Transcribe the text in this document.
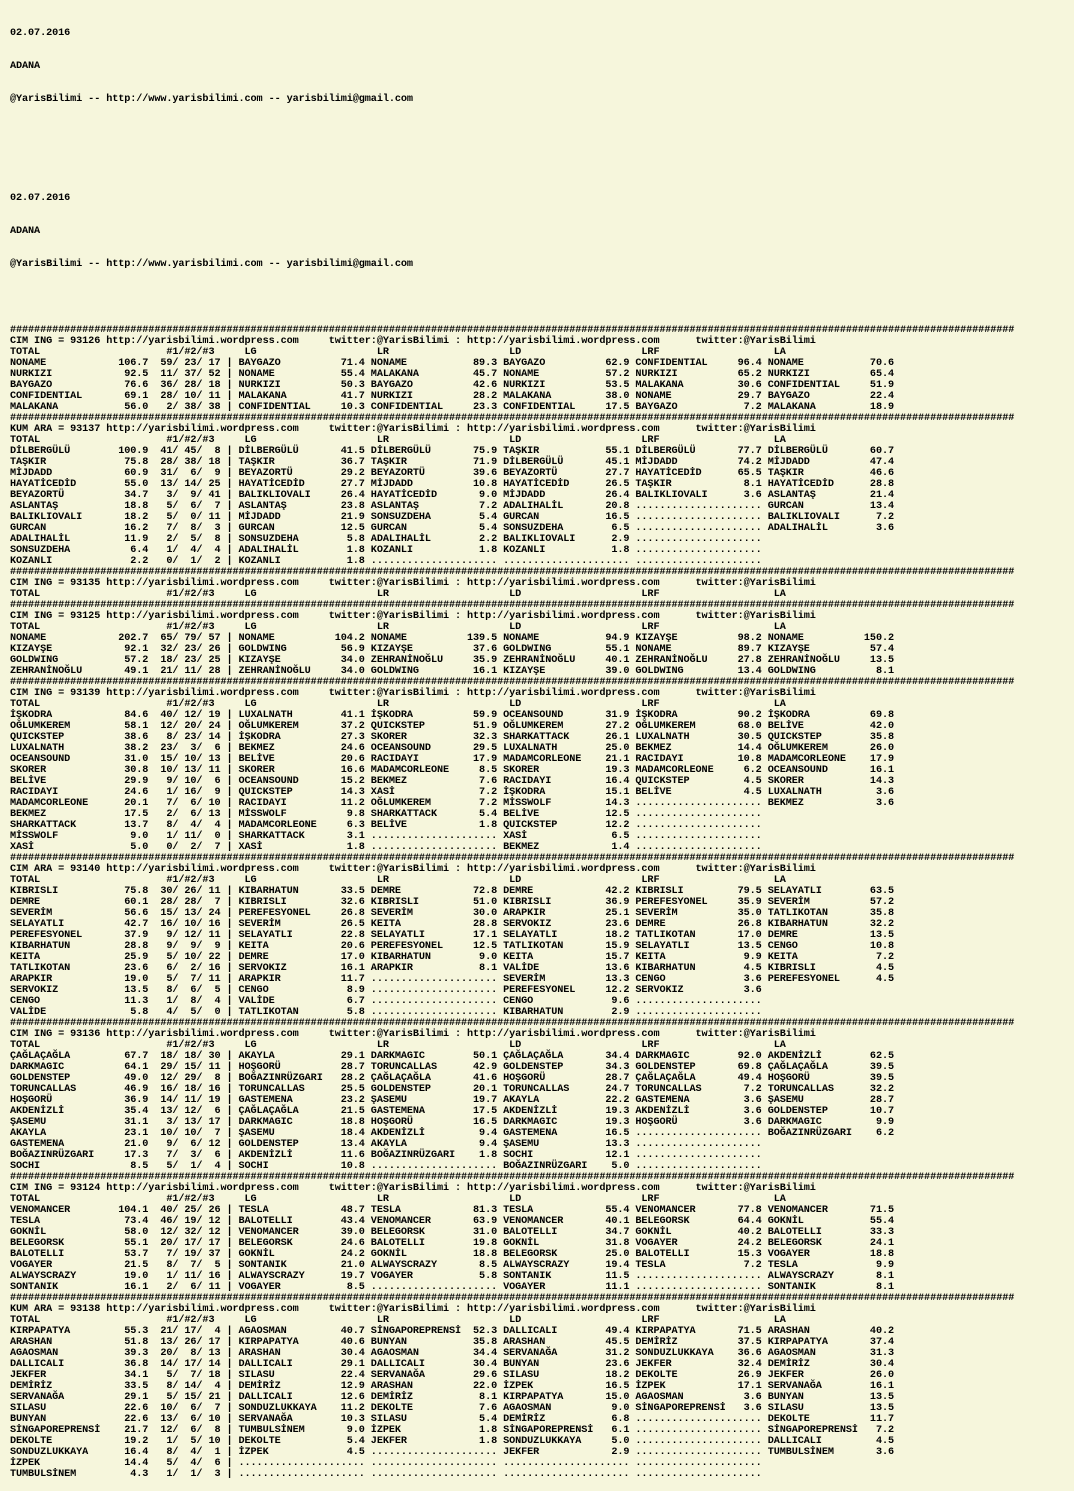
02.07.2016

ADANA

@YarisBilimi -- http://www.yarisbilimi.com -- yarisbilimi@gmail.com

02.07.2016

ADANA

@YarisBilimi -- http://www.yarisbilimi.com -- yarisbilimi@gmail.com

#######################################################################################################################################################################
CIM ING = 93126 http://yarisbilimi.wordpress.com     twitter:@YarisBilimi : http://yarisbilimi.wordpress.com      twitter:@YarisBilimi
TOTAL                     #1/#2/#3     LG                    LR                    LD                    LRF                   LA
NONAME            106.7  59/ 23/ 17 | BAYGAZO          71.4 NONAME           89.3 BAYGAZO          62.9 CONFIDENTIAL     96.4 NONAME           70.6
NURKIZI            92.5  11/ 37/ 52 | NONAME           55.4 MALAKANA         45.7 NONAME           57.2 NURKIZI          65.2 NURKIZI          65.4
BAYGAZO            76.6  36/ 28/ 18 | NURKIZI          50.3 BAYGAZO          42.6 NURKIZI          53.5 MALAKANA         30.6 CONFIDENTIAL     51.9
CONFIDENTIAL       69.1  28/ 10/ 11 | MALAKANA         41.7 NURKIZI          28.2 MALAKANA         38.0 NONAME           29.7 BAYGAZO          22.4
MALAKANA           56.0   2/ 38/ 38 | CONFIDENTIAL     10.3 CONFIDENTIAL     23.3 CONFIDENTIAL     17.5 BAYGAZO           7.2 MALAKANA         18.9
#######################################################################################################################################################################
KUM ARA = 93137 http://yarisbilimi.wordpress.com     twitter:@YarisBilimi : http://yarisbilimi.wordpress.com      twitter:@YarisBilimi
TOTAL                     #1/#2/#3     LG                    LR                    LD                    LRF                   LA
DİLBERGÜLÜ        100.9  41/ 45/  8 | DİLBERGÜLÜ       41.5 DİLBERGÜLÜ       75.9 TAŞKIR           55.1 DİLBERGÜLÜ       77.7 DİLBERGÜLÜ       60.7
TAŞKIR             75.8  28/ 38/ 18 | TAŞKIR           36.7 TAŞKIR           71.9 DİLBERGÜLÜ       45.1 MİJDADD          74.2 MİJDADD          47.4
MİJDADD            60.9  31/  6/  9 | BEYAZORTÜ        29.2 BEYAZORTÜ        39.6 BEYAZORTÜ        27.7 HAYATİCEDİD      65.5 TAŞKIR           46.6
HAYATİCEDİD        55.0  13/ 14/ 25 | HAYATİCEDİD      27.7 MİJDADD          10.8 HAYATİCEDİD      26.5 TAŞKIR            8.1 HAYATİCEDİD      28.8
BEYAZORTÜ          34.7   3/  9/ 41 | BALIKLIOVALI     26.4 HAYATİCEDİD       9.0 MİJDADD          26.4 BALIKLIOVALI      3.6 ASLANTAŞ         21.4
ASLANTAŞ           18.8   5/  6/  7 | ASLANTAŞ         23.8 ASLANTAŞ          7.2 ADALIHALİL       20.8 ..................... GURCAN           13.4
BALIKLIOVALI       18.2   5/  0/ 11 | MİJDADD          21.9 SONSUZDEHA        5.4 GURCAN           16.5 ..................... BALIKLIOVALI      7.2
GURCAN             16.2   7/  8/  3 | GURCAN           12.5 GURCAN            5.4 SONSUZDEHA        6.5 ..................... ADALIHALİL        3.6
ADALIHALİL         11.9   2/  5/  8 | SONSUZDEHA        5.8 ADALIHALİL        2.2 BALIKLIOVALI      2.9 .....................
SONSUZDEHA          6.4   1/  4/  4 | ADALIHALİL        1.8 KOZANLI           1.8 KOZANLI           1.8 .....................
KOZANLI             2.2   0/  1/  2 | KOZANLI           1.8 ..................... ..................... .....................
#######################################################################################################################################################################
CIM ING = 93135 http://yarisbilimi.wordpress.com     twitter:@YarisBilimi : http://yarisbilimi.wordpress.com      twitter:@YarisBilimi
TOTAL                     #1/#2/#3     LG                    LR                    LD                    LRF                   LA
#######################################################################################################################################################################
CIM ING = 93125 http://yarisbilimi.wordpress.com     twitter:@YarisBilimi : http://yarisbilimi.wordpress.com      twitter:@YarisBilimi
TOTAL                     #1/#2/#3     LG                    LR                    LD                    LRF                   LA
NONAME            202.7  65/ 79/ 57 | NONAME          104.2 NONAME          139.5 NONAME           94.9 KIZAYŞE          98.2 NONAME          150.2
KIZAYŞE            92.1  32/ 23/ 26 | GOLDWING         56.9 KIZAYŞE          37.6 GOLDWING         55.1 NONAME           89.7 KIZAYŞE          57.4
GOLDWING           57.2  18/ 23/ 25 | KIZAYŞE          34.0 ZEHRANİNOĞLU     35.9 ZEHRANİNOĞLU     40.1 ZEHRANİNOĞLU     27.8 ZEHRANİNOĞLU     13.5
ZEHRANİNOĞLU       49.1  21/ 11/ 28 | ZEHRANİNOĞLU     34.0 GOLDWING         16.1 KIZAYŞE          39.0 GOLDWING         13.4 GOLDWING          8.1
#######################################################################################################################################################################
CIM ING = 93139 http://yarisbilimi.wordpress.com     twitter:@YarisBilimi : http://yarisbilimi.wordpress.com      twitter:@YarisBilimi
TOTAL                     #1/#2/#3     LG                    LR                    LD                    LRF                   LA
İŞKODRA            84.6  40/ 12/ 19 | LUXALNATH        41.1 İŞKODRA          59.9 OCEANSOUND       31.9 İŞKODRA          90.2 İŞKODRA          69.8
OĞLUMKEREM         58.1  12/ 20/ 24 | OĞLUMKEREM       37.2 QUICKSTEP        51.9 OĞLUMKEREM       27.2 OĞLUMKEREM       68.0 BELİVE           42.0
QUICKSTEP          38.6   8/ 23/ 14 | İŞKODRA          27.3 SKORER           32.3 SHARKATTACK      26.1 LUXALNATH        30.5 QUICKSTEP        35.8
LUXALNATH          38.2  23/  3/  6 | BEKMEZ           24.6 OCEANSOUND       29.5 LUXALNATH        25.0 BEKMEZ           14.4 OĞLUMKEREM       26.0
OCEANSOUND         31.0  15/ 10/ 13 | BELİVE           20.6 RACIDAYI         17.9 MADAMCORLEONE    21.1 RACIDAYI         10.8 MADAMCORLEONE    17.9
SKORER             30.8  10/ 13/ 11 | SKORER           16.6 MADAMCORLEONE     8.5 SKORER           19.3 MADAMCORLEONE     6.2 OCEANSOUND       16.1
BELİVE             29.9   9/ 10/  6 | OCEANSOUND       15.2 BEKMEZ            7.6 RACIDAYI         16.4 QUICKSTEP         4.5 SKORER           14.3
RACIDAYI           24.6   1/ 16/  9 | QUICKSTEP        14.3 XASİ              7.2 İŞKODRA          15.1 BELİVE            4.5 LUXALNATH         3.6
MADAMCORLEONE      20.1   7/  6/ 10 | RACIDAYI         11.2 OĞLUMKEREM        7.2 MİSSWOLF         14.3 ..................... BEKMEZ            3.6
BEKMEZ             17.5   2/  6/ 13 | MİSSWOLF          9.8 SHARKATTACK       5.4 BELİVE           12.5 .....................
SHARKATTACK        13.7   8/  4/  4 | MADAMCORLEONE     6.3 BELİVE            1.8 QUICKSTEP        12.2 .....................
MİSSWOLF            9.0   1/ 11/  0 | SHARKATTACK       3.1 ..................... XASİ              6.5 .....................
XASİ                5.0   0/  2/  7 | XASİ              1.8 ..................... BEKMEZ            1.4 .....................
#######################################################################################################################################################################
CIM ARA = 93140 http://yarisbilimi.wordpress.com     twitter:@YarisBilimi : http://yarisbilimi.wordpress.com      twitter:@YarisBilimi
TOTAL                     #1/#2/#3     LG                    LR                    LD                    LRF                   LA
KIBRISLI           75.8  30/ 26/ 11 | KIBARHATUN       33.5 DEMRE            72.8 DEMRE            42.2 KIBRISLI         79.5 SELAYATLI        63.5
DEMRE              60.1  28/ 28/  7 | KIBRISLI         32.6 KIBRISLI         51.0 KIBRISLI         36.9 PEREFESYONEL     35.9 SEVERİM          57.2
SEVERİM            56.6  15/ 13/ 24 | PEREFESYONEL     26.8 SEVERİM          30.0 ARAPKIR          25.1 SEVERİM          35.0 TATLIKOTAN       35.8
SELAYATLI          42.7  16/ 10/ 16 | SEVERİM          26.5 KEITA            28.8 SERVOKIZ         23.6 DEMRE            26.8 KIBARHATUN       32.2
PEREFESYONEL       37.9   9/ 12/ 11 | SELAYATLI        22.8 SELAYATLI        17.1 SELAYATLI        18.2 TATLIKOTAN       17.0 DEMRE            13.5
KIBARHATUN         28.8   9/  9/  9 | KEITA            20.6 PEREFESYONEL     12.5 TATLIKOTAN       15.9 SELAYATLI        13.5 CENGO            10.8
KEITA              25.9   5/ 10/ 22 | DEMRE            17.0 KIBARHATUN        9.0 KEITA            15.7 KEITA             9.9 KEITA             7.2
TATLIKOTAN         23.6   6/  2/ 16 | SERVOKIZ         16.1 ARAPKIR           8.1 VALİDE           13.6 KIBARHATUN        4.5 KIBRISLI          4.5
ARAPKIR            19.0   5/  7/ 11 | ARAPKIR          11.7 ..................... SEVERİM          13.3 CENGO             3.6 PEREFESYONEL      4.5
SERVOKIZ           13.5   8/  6/  5 | CENGO             8.9 ..................... PEREFESYONEL     12.2 SERVOKIZ          3.6
CENGO              11.3   1/  8/  4 | VALİDE            6.7 ..................... CENGO             9.6 .....................
VALİDE              5.8   4/  5/  0 | TATLIKOTAN        5.8 ..................... KIBARHATUN        2.9 .....................
#######################################################################################################################################################################
CIM ING = 93136 http://yarisbilimi.wordpress.com     twitter:@YarisBilimi : http://yarisbilimi.wordpress.com      twitter:@YarisBilimi
TOTAL                     #1/#2/#3     LG                    LR                    LD                    LRF                   LA
ÇAĞLAÇAĞLA         67.7  18/ 18/ 30 | AKAYLA           29.1 DARKMAGIC        50.1 ÇAĞLAÇAĞLA       34.4 DARKMAGIC        92.0 AKDENİZLİ        62.5
DARKMAGIC          64.1  29/ 15/ 11 | HOŞGORÜ          28.7 TORUNCALLAS      42.9 GOLDENSTEP       34.3 GOLDENSTEP       69.8 ÇAĞLAÇAĞLA       39.5
GOLDENSTEP         49.0  12/ 29/  8 | BOĞAZINRÜZGARI   28.2 ÇAĞLAÇAĞLA       41.6 HOŞGORÜ          28.7 ÇAĞLAÇAĞLA       49.4 HOŞGORÜ          39.5
TORUNCALLAS        46.9  16/ 18/ 16 | TORUNCALLAS      25.5 GOLDENSTEP       20.1 TORUNCALLAS      24.7 TORUNCALLAS       7.2 TORUNCALLAS      32.2
HOŞGORÜ            36.9  14/ 11/ 19 | GASTEMENA        23.2 ŞASEMU           19.7 AKAYLA           22.2 GASTEMENA         3.6 ŞASEMU           28.7
AKDENİZLİ          35.4  13/ 12/  6 | ÇAĞLAÇAĞLA       21.5 GASTEMENA        17.5 AKDENİZLİ        19.3 AKDENİZLİ         3.6 GOLDENSTEP       10.7
ŞASEMU             31.1   3/ 13/ 17 | DARKMAGIC        18.8 HOŞGORÜ          16.5 DARKMAGIC        19.3 HOŞGORÜ           3.6 DARKMAGIC         9.9
AKAYLA             23.1  10/ 10/  7 | ŞASEMU           18.4 AKDENİZLİ         9.4 GASTEMENA        16.5 ..................... BOĞAZINRÜZGARI    6.2
GASTEMENA          21.0   9/  6/ 12 | GOLDENSTEP       13.4 AKAYLA            9.4 ŞASEMU           13.3 .....................
BOĞAZINRÜZGARI     17.3   7/  3/  6 | AKDENİZLİ        11.6 BOĞAZINRÜZGARI    1.8 SOCHI            12.1 .....................
SOCHI               8.5   5/  1/  4 | SOCHI            10.8 ..................... BOĞAZINRÜZGARI    5.0 .....................
#######################################################################################################################################################################
CIM ING = 93124 http://yarisbilimi.wordpress.com     twitter:@YarisBilimi : http://yarisbilimi.wordpress.com      twitter:@YarisBilimi
TOTAL                     #1/#2/#3     LG                    LR                    LD                    LRF                   LA
VENOMANCER        104.1  40/ 25/ 26 | TESLA            48.7 TESLA            81.3 TESLA            55.4 VENOMANCER       77.8 VENOMANCER       71.5
TESLA              73.4  46/ 19/ 12 | BALOTELLI        43.4 VENOMANCER       63.9 VENOMANCER       40.1 BELEGORSK        64.4 GOKNİL           55.4
GOKNİL             58.0  12/ 32/ 12 | VENOMANCER       39.0 BELEGORSK        31.0 BALOTELLI        34.7 GOKNİL           40.2 BALOTELLI        33.3
BELEGORSK          55.1  20/ 17/ 17 | BELEGORSK        24.6 BALOTELLI        19.8 GOKNİL           31.8 VOGAYER          24.2 BELEGORSK        24.1
BALOTELLI          53.7   7/ 19/ 37 | GOKNİL           24.2 GOKNİL           18.8 BELEGORSK        25.0 BALOTELLI        15.3 VOGAYER          18.8
VOGAYER            21.5   8/  7/  5 | SONTANIK         21.0 ALWAYSCRAZY       8.5 ALWAYSCRAZY      19.4 TESLA             7.2 TESLA             9.9
ALWAYSCRAZY        19.0   1/ 11/ 16 | ALWAYSCRAZY      19.7 VOGAYER           5.8 SONTANIK         11.5 ..................... ALWAYSCRAZY       8.1
SONTANIK           16.1   2/  6/ 11 | VOGAYER           8.5 ..................... VOGAYER          11.1 ..................... SONTANIK          8.1
#######################################################################################################################################################################
KUM ARA = 93138 http://yarisbilimi.wordpress.com     twitter:@YarisBilimi : http://yarisbilimi.wordpress.com      twitter:@YarisBilimi
TOTAL                     #1/#2/#3     LG                    LR                    LD                    LRF                   LA
KIRPAPATYA         55.3  21/ 17/  4 | AGAOSMAN         40.7 SİNGAPOREPRENSİ  52.3 DALLICALI        49.4 KIRPAPATYA       71.5 ARASHAN          40.2
ARASHAN            51.8  13/ 26/ 17 | KIRPAPATYA       40.6 BUNYAN           35.8 ARASHAN          45.5 DEMİRİZ          37.5 KIRPAPATYA       37.4
AGAOSMAN           39.3  20/  8/ 13 | ARASHAN          30.4 AGAOSMAN         34.4 SERVANAĞA        31.2 SONDUZLUKKAYA    36.6 AGAOSMAN         31.3
DALLICALI          36.8  14/ 17/ 14 | DALLICALI        29.1 DALLICALI        30.4 BUNYAN           23.6 JEKFER           32.4 DEMİRİZ          30.4
JEKFER             34.1   5/  7/ 18 | SILASU           22.4 SERVANAĞA        29.6 SILASU           18.2 DEKOLTE          26.9 JEKFER           26.0
DEMİRİZ            33.5   8/ 14/  4 | DEMİRİZ          12.9 ARASHAN          22.0 İZPEK            16.5 İZPEK            17.1 SERVANAĞA        16.1
SERVANAĞA          29.1   5/ 15/ 21 | DALLICALI        12.6 DEMİRİZ           8.1 KIRPAPATYA       15.0 AGAOSMAN          3.6 BUNYAN           13.5
SILASU             22.6  10/  6/  7 | SONDUZLUKKAYA    11.2 DEKOLTE           7.6 AGAOSMAN          9.0 SİNGAPOREPRENSİ   3.6 SILASU           13.5
BUNYAN             22.6  13/  6/ 10 | SERVANAĞA        10.3 SILASU            5.4 DEMİRİZ           6.8 ..................... DEKOLTE          11.7
SİNGAPOREPRENSİ    21.7  12/  6/  8 | TUMBULSİNEM       9.0 İZPEK             1.8 SİNGAPOREPRENSİ   6.1 ..................... SİNGAPOREPRENSİ   7.2
DEKOLTE            19.2   1/  5/ 10 | DEKOLTE           5.4 JEKFER            1.8 SONDUZLUKKAYA     5.0 ..................... DALLICALI         4.5
SONDUZLUKKAYA      16.4   8/  4/  1 | İZPEK             4.5 ..................... JEKFER            2.9 ..................... TUMBULSİNEM       3.6
İZPEK              14.4   5/  4/  6 | ..................... ..................... ..................... .....................
TUMBULSİNEM         4.3   1/  1/  3 | ..................... ..................... ..................... .....................
